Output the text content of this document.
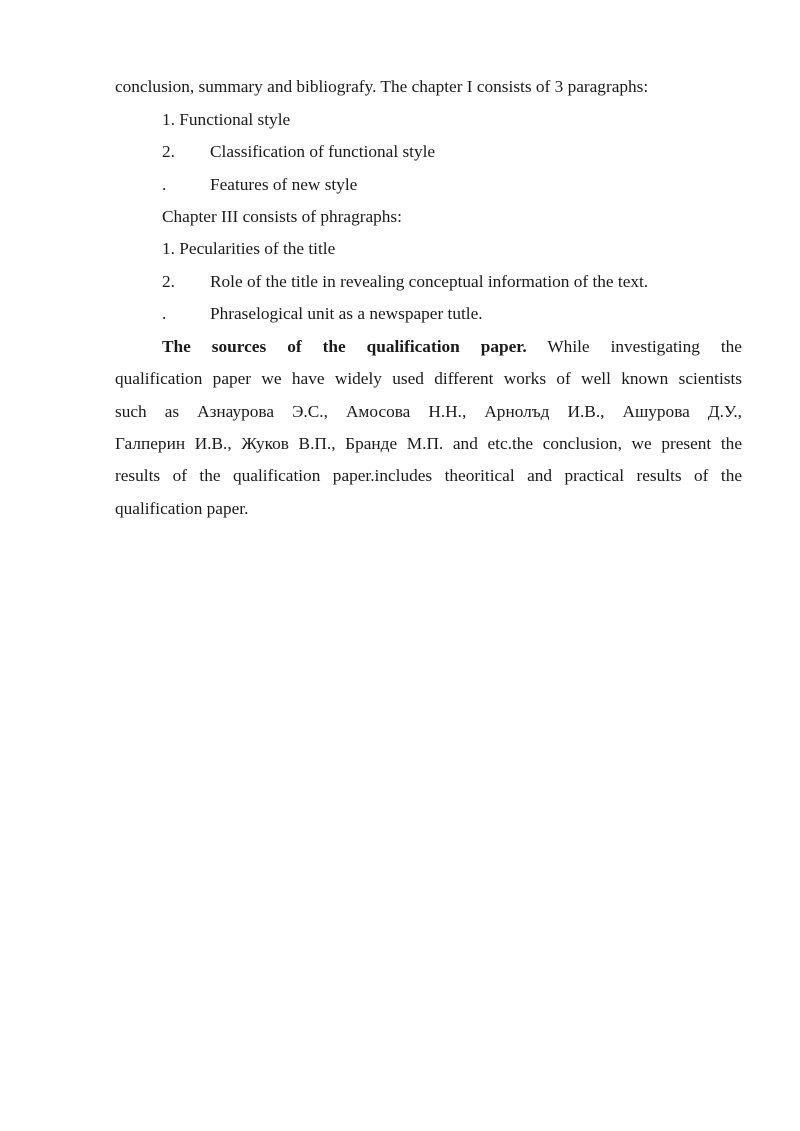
conclusion, summary and bibliografy. The chapter I consists of 3 paragraphs:
1. Functional style
2. Classification of functional style
.	Features of new style
Chapter III consists of phragraphs:
1. Pecularities of the title
2. Role of the title in revealing conceptual information of the text.
.	Phraselogical unit as a newspaper tutle.
The sources of the qualification paper. While investigating the
qualification paper we have widely used different works of well known scientists
such as Азнаурова Э.С., Амосова Н.Н., Арнолъд И.В., Ашурова Д.У.,
Галперин И.В., Жуков В.П., Бранде М.П. and etc.the conclusion, we present the
results of the qualification paper.includes theoritical and practical results of the
qualification paper.
